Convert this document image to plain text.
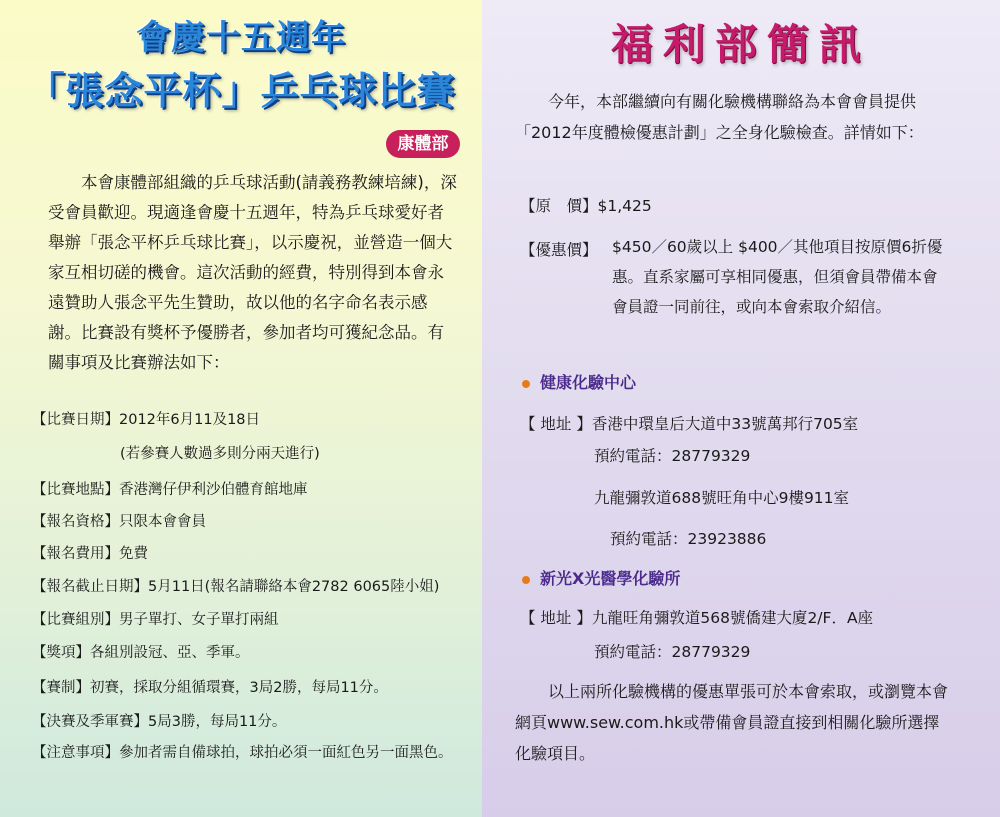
會慶十五週年
「張念平杯」乒乓球比賽
康體部

本會康體部組織的乒乓球活動(請義務教練培練)，深受會員歡迎。現適逢會慶十五週年，特為乒乓球愛好者舉辦「張念平杯乒乓球比賽」，以示慶祝，並營造一個大家互相切磋的機會。這次活動的經費，特別得到本會永遠贊助人張念平先生贊助，故以他的名字命名表示感謝。比賽設有獎杯予優勝者，參加者均可獲紀念品。有關事項及比賽辦法如下：

【比賽日期】2012年6月11及18日
(若參賽人數過多則分兩天進行)
【比賽地點】香港灣仔伊利沙伯體育館地庫
【報名資格】只限本會會員
【報名費用】免費
【報名截止日期】5月11日(報名請聯絡本會2782 6065陸小姐)
【比賽組別】男子單打、女子單打兩組
【獎項】各組別設冠、亞、季軍。
【賽制】初賽，採取分組循環賽，3局2勝，每局11分。
【決賽及季軍賽】5局3勝，每局11分。
【注意事項】參加者需自備球拍，球拍必須一面紅色另一面黑色。
福利部簡訊

今年，本部繼續向有關化驗機構聯絡為本會會員提供「2012年度體檢優惠計劃」之全身化驗檢查。詳情如下：

【原　價】$1,425
【優惠價】 $450／60歲以上 $400／其他項目按原價6折優惠。直系家屬可享相同優惠，但須會員帶備本會會員證一同前往，或向本會索取介紹信。
健康化驗中心
【 地址 】香港中環皇后大道中33號萬邦行705室
預約電話：28779329
九龍彌敦道688號旺角中心9樓911室
預約電話：23923886
新光X光醫學化驗所
【 地址 】九龍旺角彌敦道568號僑建大廈2/F．A座
預約電話：28779329

以上兩所化驗機構的優惠單張可於本會索取，或瀏覽本會網頁www.sew.com.hk或帶備會員證直接到相關化驗所選擇化驗項目。
